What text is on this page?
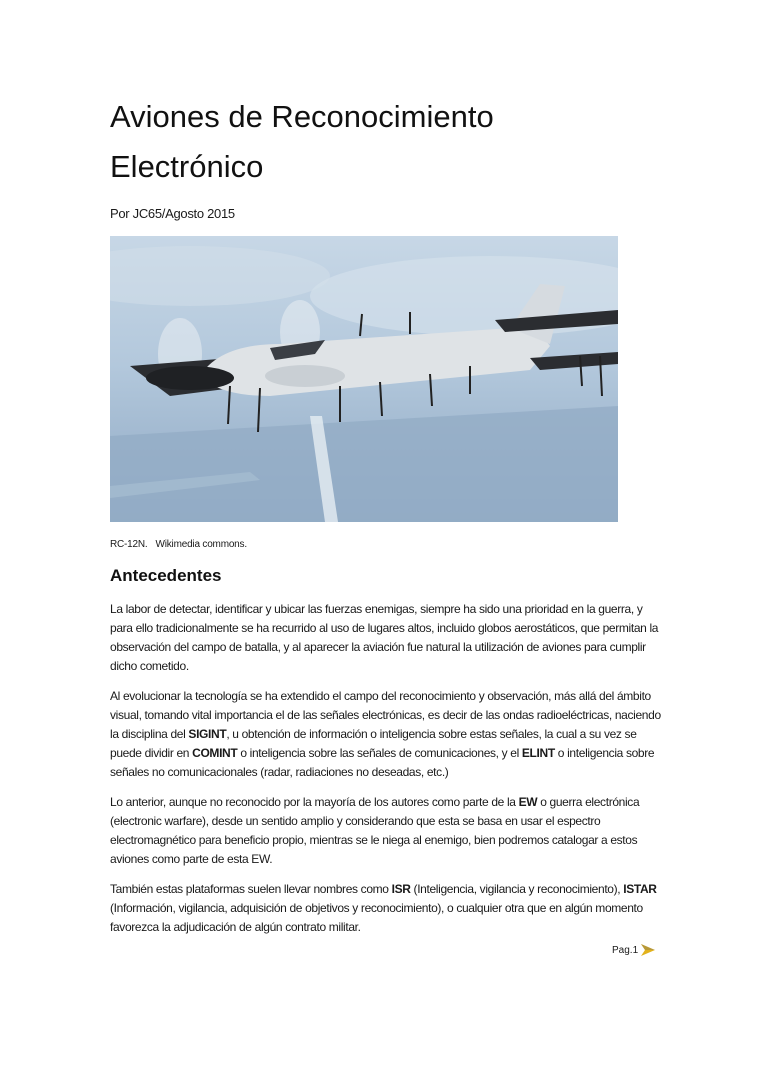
Aviones de Reconocimiento
Electrónico
Por JC65/Agosto 2015
RC-12N. Wikimedia commons.
Antecedentes

La labor de detectar, identificar y ubicar las fuerzas enemigas, siempre ha sido una prioridad en la guerra, y para ello tradicionalmente se ha recurrido al uso de lugares altos, incluido globos aerostáticos, que permitan la observación del campo de batalla, y al aparecer la aviación fue natural la utilización de aviones para cumplir dicho cometido.

Al evolucionar la tecnología se ha extendido el campo del reconocimiento y observación, más allá del ámbito visual, tomando vital importancia el de las señales electrónicas, es decir de las ondas radioeléctricas, naciendo la disciplina del SIGINT, u obtención de información o inteligencia sobre estas señales, la cual a su vez se puede dividir en COMINT o inteligencia sobre las señales de comunicaciones, y el ELINT o inteligencia sobre señales no comunicacionales (radar, radiaciones no deseadas, etc.)

Lo anterior, aunque no reconocido por la mayoría de los autores como parte de la EW o guerra electrónica (electronic warfare), desde un sentido amplio y considerando que esta se basa en usar el espectro electromagnético para beneficio propio, mientras se le niega al enemigo, bien podremos catalogar a estos aviones como parte de esta EW.

También estas plataformas suelen llevar nombres como ISR (Inteligencia, vigilancia y reconocimiento), ISTAR (Información, vigilancia, adquisición de objetivos y reconocimiento), o cualquier otra que en algún momento favorezca la adjudicación de algún contrato militar.

Pag.1
